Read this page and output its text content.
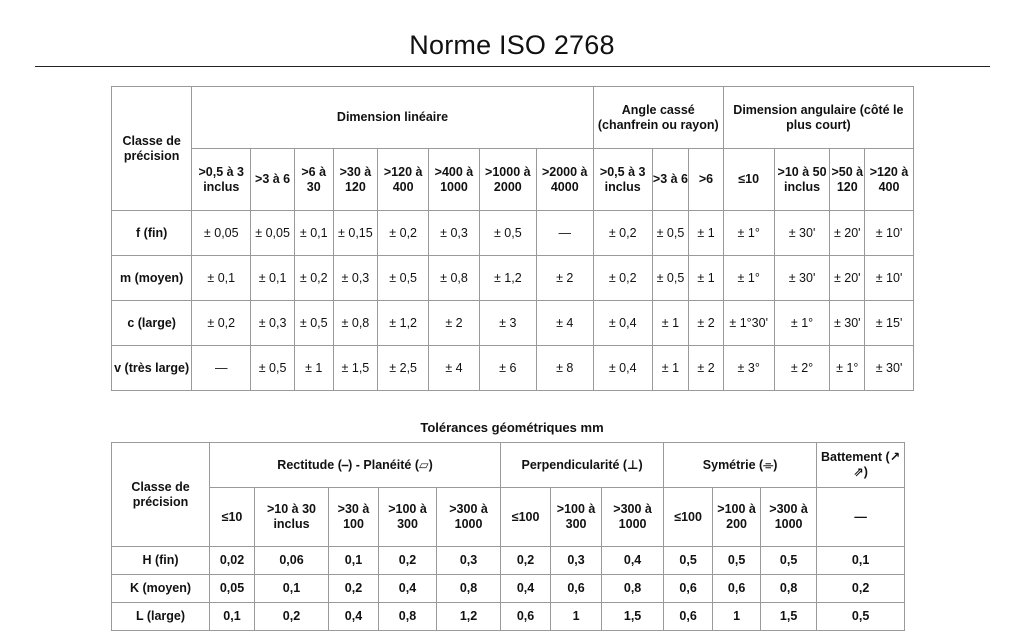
Norme ISO 2768
Classe de précision	Dimension linéaire								Angle cassé (chanfrein ou rayon)			Dimension angulaire (côté le plus court)			
	>0,5 à 3 inclus	>3 à 6	>6 à 30	>30 à 120	>120 à 400	>400 à 1000	>1000 à 2000	>2000 à 4000	>0,5 à 3 inclus	>3 à 6	>6	≤10	>10 à 50 inclus	>50 à 120	>120 à 400
f (fin)	± 0,05	± 0,05	± 0,1	± 0,15	± 0,2	± 0,3	± 0,5	—	± 0,2	± 0,5	± 1	± 1°	± 30'	± 20'	± 10'
m (moyen)	± 0,1	± 0,1	± 0,2	± 0,3	± 0,5	± 0,8	± 1,2	± 2	± 0,2	± 0,5	± 1	± 1°	± 30'	± 20'	± 10'
c (large)	± 0,2	± 0,3	± 0,5	± 0,8	± 1,2	± 2	± 3	± 4	± 0,4	± 1	± 2	± 1°30'	± 1°	± 30'	± 15'
v (très large)	—	± 0,5	± 1	± 1,5	± 2,5	± 4	± 6	± 8	± 0,4	± 1	± 2	± 3°	± 2°	± 1°	± 30'
Tolérances géométriques mm
Classe de précision	Rectitude (⎯) - Planéité (▱)					Perpendicularité (⊥)			Symétrie (⌯)			Battement (↗ ⇗)
	≤10	>10 à 30 inclus	>30 à 100	>100 à 300	>300 à 1000	≤100	>100 à 300	>300 à 1000	≤100	>100 à 200	>300 à 1000	—
H (fin)	0,02	0,06	0,1	0,2	0,3	0,2	0,3	0,4	0,5	0,5	0,5	0,1
K (moyen)	0,05	0,1	0,2	0,4	0,8	0,4	0,6	0,8	0,6	0,6	0,8	0,2
L (large)	0,1	0,2	0,4	0,8	1,2	0,6	1	1,5	0,6	1	1,5	0,5
